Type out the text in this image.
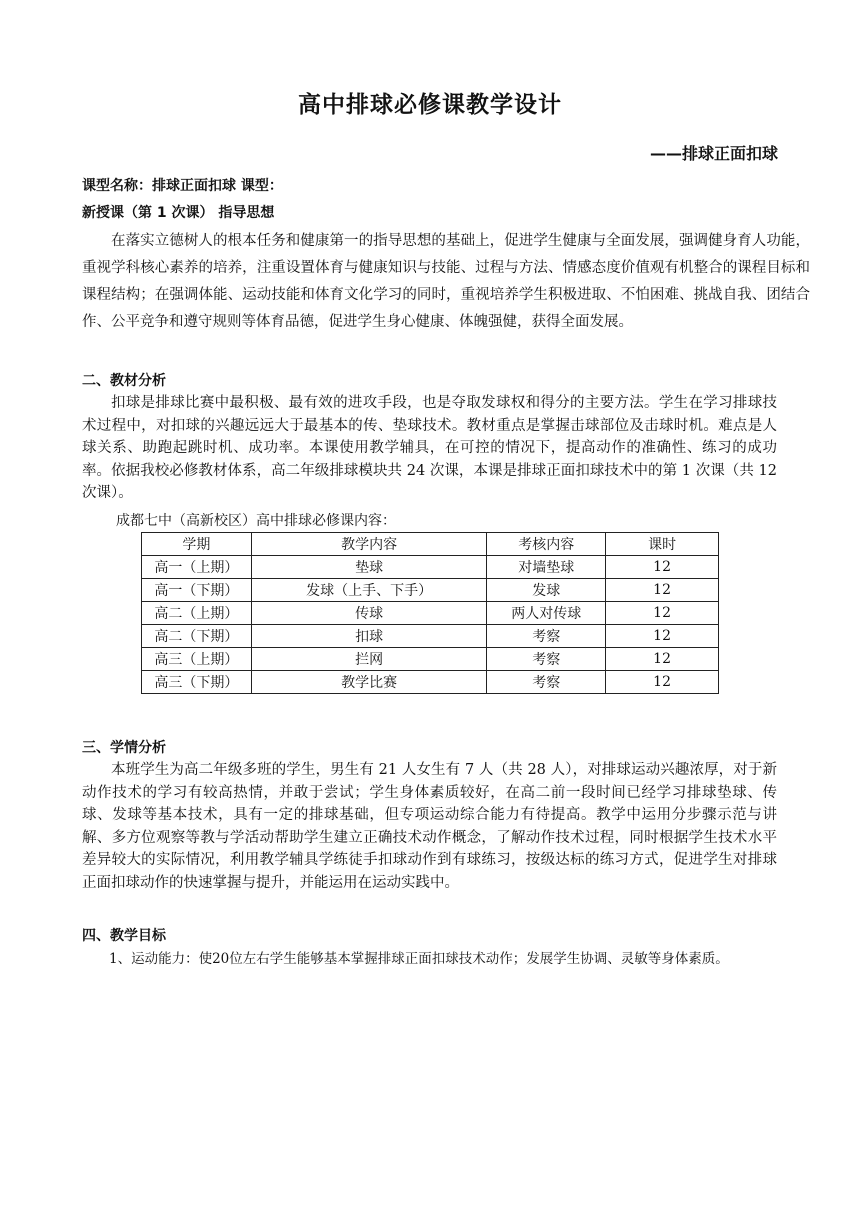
高中排球必修课教学设计
——排球正面扣球
课型名称：排球正面扣球 课型：
新授课（第 1 次课） 指导思想

在落实立德树人的根本任务和健康第一的指导思想的基础上，促进学生健康与全面发展，强调健身育人功能，重视学科核心素养的培养，注重设置体育与健康知识与技能、过程与方法、情感态度价值观有机整合的课程目标和课程结构；在强调体能、运动技能和体育文化学习的同时，重视培养学生积极进取、不怕困难、挑战自我、团结合作、公平竞争和遵守规则等体育品德，促进学生身心健康、体魄强健，获得全面发展。

二、教材分析

扣球是排球比赛中最积极、最有效的进攻手段，也是夺取发球权和得分的主要方法。学生在学习排球技术过程中，对扣球的兴趣远远大于最基本的传、垫球技术。教材重点是掌握击球部位及击球时机。难点是人球关系、助跑起跳时机、成功率。本课使用教学辅具，在可控的情况下，提高动作的准确性、练习的成功率。依据我校必修教材体系，高二年级排球模块共 24 次课，本课是排球正面扣球技术中的第 1 次课（共 12 次课）。

成都七中（高新校区）高中排球必修课内容：
学期	教学内容	考核内容	课时
高一（上期）	垫球	对墙垫球	12
高一（下期）	发球（上手、下手）	发球	12
高二（上期）	传球	两人对传球	12
高二（下期）	扣球	考察	12
高三（上期）	拦网	考察	12
高三（下期）	教学比赛	考察	12
三、学情分析

本班学生为高二年级多班的学生，男生有 21 人女生有 7 人（共 28 人），对排球运动兴趣浓厚，对于新动作技术的学习有较高热情，并敢于尝试；学生身体素质较好，在高二前一段时间已经学习排球垫球、传球、发球等基本技术，具有一定的排球基础，但专项运动综合能力有待提高。教学中运用分步骤示范与讲解、多方位观察等教与学活动帮助学生建立正确技术动作概念，了解动作技术过程，同时根据学生技术水平差异较大的实际情况，利用教学辅具学练徒手扣球动作到有球练习，按级达标的练习方式，促进学生对排球正面扣球动作的快速掌握与提升，并能运用在运动实践中。

四、教学目标

1、运动能力：使20位左右学生能够基本掌握排球正面扣球技术动作；发展学生协调、灵敏等身体素质。
